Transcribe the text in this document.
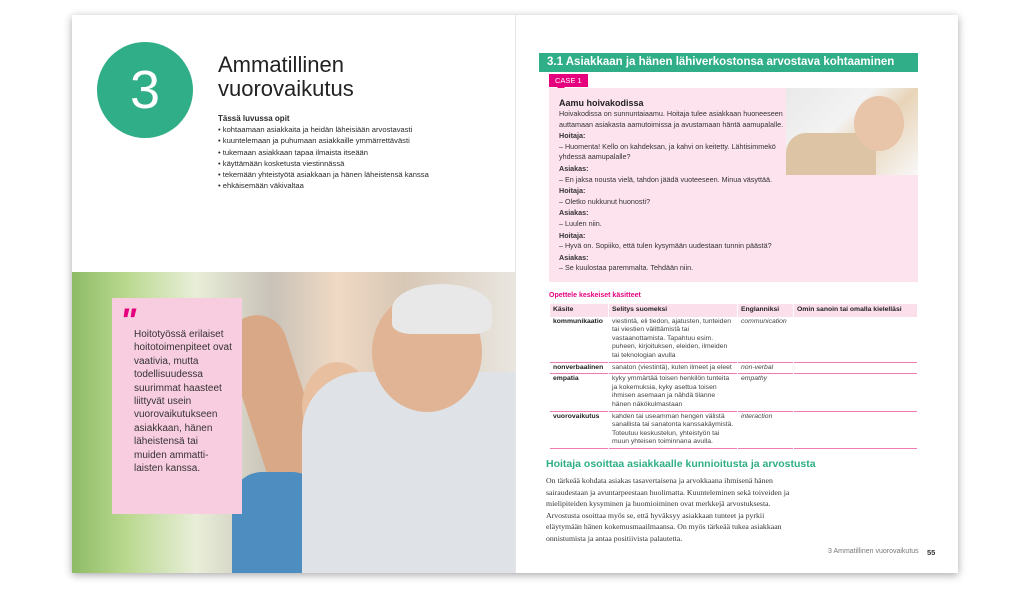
3	Ammatillinen vuorovaikutus
Tässä luvussa opit
• kohtaamaan asiakkaita ja heidän läheisiään arvostavasti
• kuuntelemaan ja puhumaan asiakkaille ymmärrettävästi
• tukemaan asiakkaan tapaa ilmaista itseään
• käyttämään kosketusta viestinnässä
• tekemään yhteistyötä asiakkaan ja hänen läheistensä kanssa
• ehkäisemään väkivaltaa
"
Hoitotyössä erilaiset hoitotoimenpiteet ovat vaativia, mutta todellisuudessa suurimmat haasteet liittyvät usein vuorovaikutukseen asiakkaan, hänen läheistensä tai muiden ammatti-laisten kanssa.
3.1 Asiakkaan ja hänen lähiverkostonsa arvostava kohtaaminen
CASE 1
Aamu hoivakodissa
Hoivakodissa on sunnuntaiaamu. Hoitaja tulee asiakkaan huoneeseen auttamaan asiakasta aamutoimissa ja avustamaan häntä aamupalalle.
Hoitaja:
– Huomenta! Kello on kahdeksan, ja kahvi on keitetty. Lähtisimmekö yhdessä aamupalalle?
Asiakas:
– En jaksa nousta vielä, tahdon jäädä vuoteeseen. Minua väsyttää.
Hoitaja:
– Oletko nukkunut huonosti?
Asiakas:
– Luulen niin.
Hoitaja:
– Hyvä on. Sopiiko, että tulen kysymään uudestaan tunnin päästä?
Asiakas:
– Se kuulostaa paremmalta. Tehdään niin.
Opettele keskeiset käsitteet
Käsite	Selitys suomeksi	Englanniksi	Omin sanoin tai omalla kielelläsi
kommunikaatio	viestintä, eli tiedon, ajatusten, tunteiden tai viestien välittämistä tai vastaanottamista. Tapahtuu esim. puheen, kirjoituksen, eleiden, ilmeiden tai teknologian avulla	communication	
nonverbaalinen	sanaton (viestintä), kuten ilmeet ja eleet	non-verbal	
empatia	kyky ymmärtää toisen henkilön tunteita ja kokemuksia, kyky asettua toisen ihmisen asemaan ja nähdä tilanne hänen näkökulmastaan	empathy	
vuorovaikutus	kahden tai useamman hengen välistä sanallista tai sanatonta kanssakäymistä. Toteutuu keskustelun, yhteistyön tai muun yhteisen toiminnana avulla.	interaction	
Hoitaja osoittaa asiakkaalle kunnioitusta ja arvostusta
On tärkeää kohdata asiakas tasavertaisena ja arvokkaana ihmisenä hänen sairaudestaan ja avuntarpeestaan huolimatta. Kuunteleminen sekä toiveiden ja mielipiteiden kysyminen ja huomioiminen ovat merkkejä arvostuksesta. Arvostusta osoittaa myös se, että hyväksyy asiakkaan tunteet ja pyrkii eläytymään hänen kokemusmaailmaansa. On myös tärkeää tukea asiakkaan onnistumista ja antaa positiivista palautetta.
3 Ammatillinen vuorovaikutus 55
